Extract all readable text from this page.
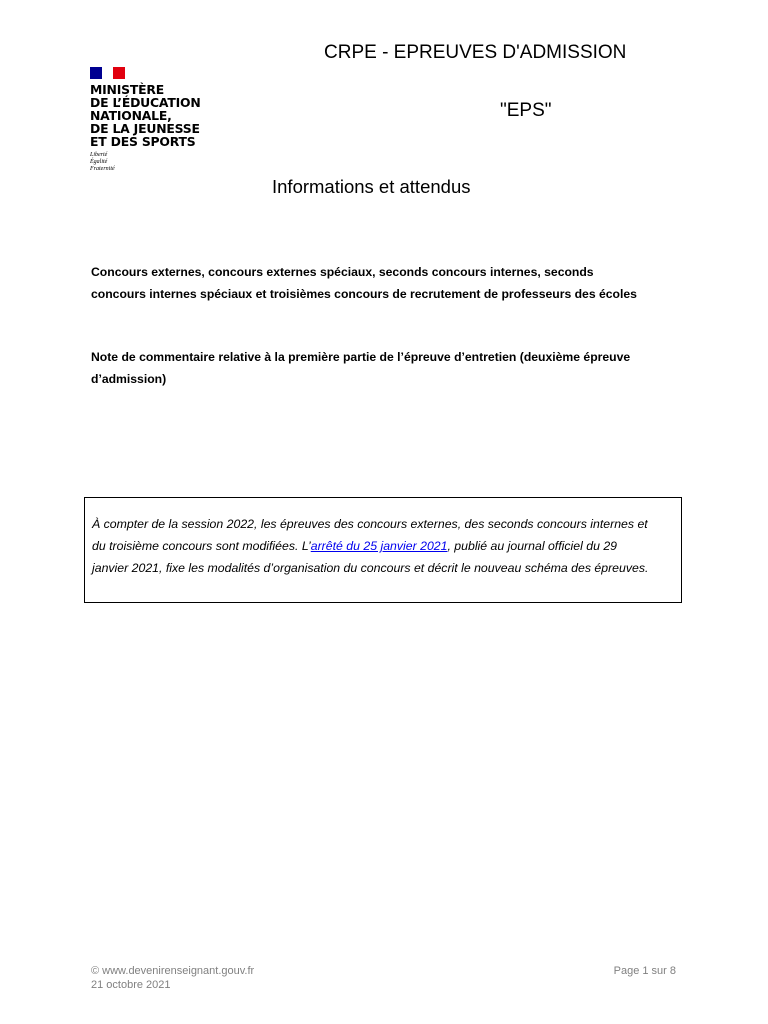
MINISTÈRE
DE L’ÉDUCATION
NATIONALE,
DE LA JEUNESSE
ET DES SPORTS
Liberté
Égalité
Fraternité
CRPE - EPREUVES D'ADMISSION
"EPS"
Informations et attendus
Concours externes, concours externes spéciaux, seconds concours internes, seconds
concours internes spéciaux et troisièmes concours de recrutement de professeurs des écoles
Note de commentaire relative à la première partie de l’épreuve d’entretien (deuxième épreuve
d’admission)
À compter de la session 2022, les épreuves des concours externes, des seconds concours internes et
du troisième concours sont modifiées. L’arrêté du 25 janvier 2021, publié au journal officiel du 29
janvier 2021, fixe les modalités d’organisation du concours et décrit le nouveau schéma des épreuves.
© www.devenirenseignant.gouv.fr
21 octobre 2021
Page 1 sur 8
